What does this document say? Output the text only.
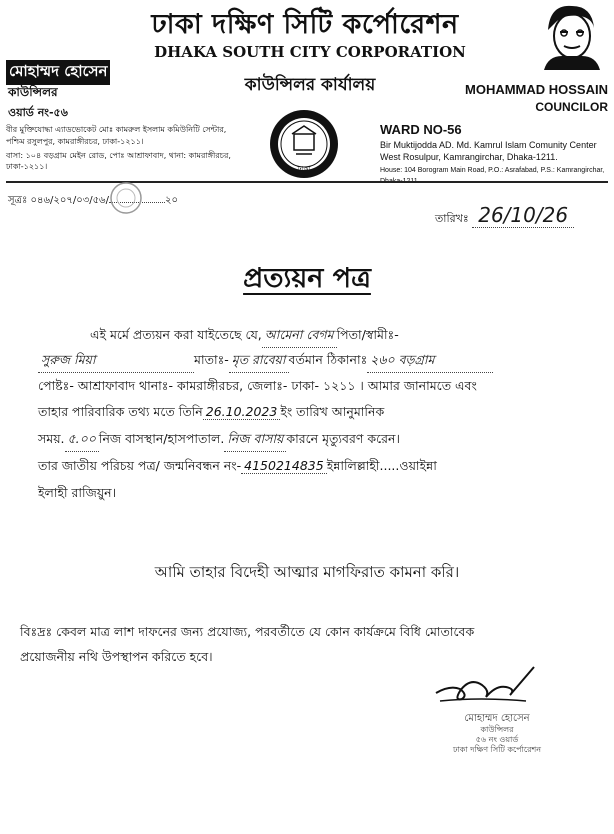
ঢাকা দক্ষিণ সিটি কর্পোরেশন
DHAKA SOUTH CITY CORPORATION
কাউন্সিলর কার্যালয়
মোহাম্মদ হোসেন
কাউন্সিলর
ওয়ার্ড নং-৫৬
বীর মুক্তিযোদ্ধা এ্যাডভোকেট মোঃ কামরুল ইসলাম কমিউনিটি সেন্টার,
পশ্চিম রসুলপুর, কামরাঙ্গীরচর, ঢাকা-১২১১।
বাসা: ১০৪ বড়গ্রাম মেইন রোড, পোঃ আশ্রাফাবাদ, থানা: কামরাঙ্গীরচর, ঢাকা-১২১১।
MOHAMMAD HOSSAIN
COUNCILOR
WARD NO-56
Bir Muktijodda AD. Md. Kamrul Islam Comunity Center
West Rosulpur, Kamrangirchar, Dhaka-1211.
House: 104 Borogram Main Road, P.O.: Asrafabad, P.S.: Kamrangirchar, Dhaka-1211
ঢাকা
সূত্রঃ ০৪৬/২০৭/০৩/৫৬/	২০
তারিখঃ 26/10/26
প্রত্যয়ন পত্র
এই মর্মে প্রত্যয়ন করা যাইতেছে যে, আমেনা বেগম পিতা/স্বামীঃ-
সুরুজ মিয়া	মাতাঃ- মৃত রাবেয়া বর্তমান ঠিকানাঃ ২৬০ বড়গ্রাম
পোষ্টঃ- আশ্রাফাবাদ থানাঃ- কামরাঙ্গীরচর, জেলাঃ- ঢাকা- ১২১১ । আমার জানামতে এবং
তাহার পারিবারিক তথ্য মতে তিনি 26.10.2023 ইং তারিখ আনুমানিক
সময়. ৫.০০ নিজ বাসস্থান/হাসপাতাল. নিজ বাসায় কারনে মৃত্যুবরণ করেন।
তার জাতীয় পরিচয় পত্র/ জন্মনিবন্ধন নং- 4150214835 ইন্নালিল্লাহী.....ওয়াইন্না
ইলাহী রাজিয়ুন।
আমি তাহার বিদেহী আত্মার মাগফিরাত কামনা করি।
বিঃদ্রঃ কেবল মাত্র লাশ দাফনের জন্য প্রযোজ্য, পরবর্তীতে যে কোন কার্যক্রমে বিধি মোতাবেক
প্রয়োজনীয় নথি উপস্থাপন করিতে হবে।
মোহাম্মদ হোসেন
কাউন্সিলর
৫৬ নং ওয়ার্ড
ঢাকা দক্ষিণ সিটি কর্পোরেশন
